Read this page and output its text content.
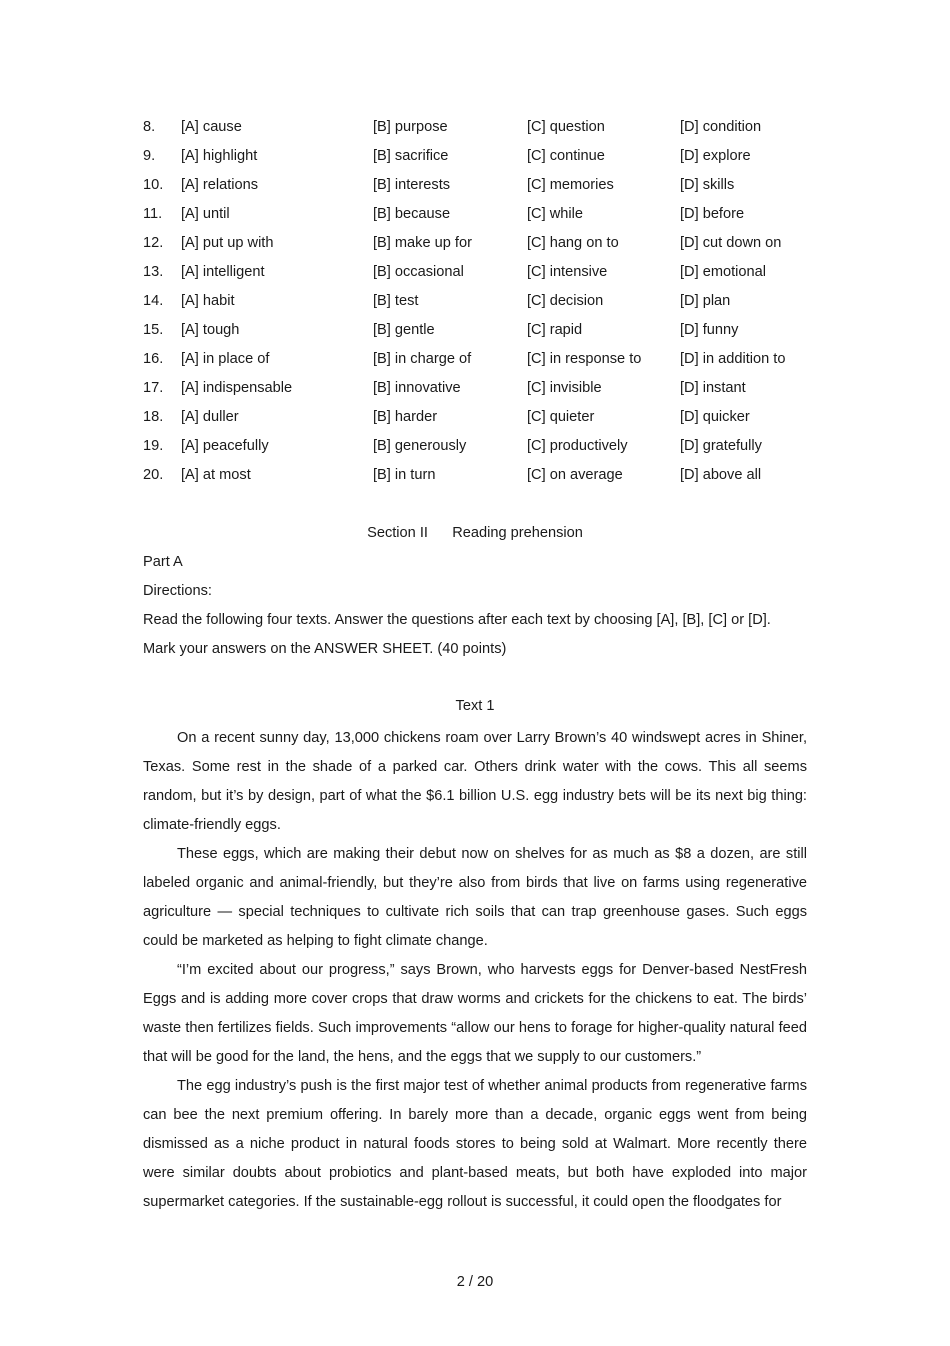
8. [A] cause	[B] purpose	[C] question	[D] condition
9. [A] highlight	[B] sacrifice	[C] continue	[D] explore
10. [A] relations	[B] interests	[C] memories	[D] skills
11. [A] until	[B] because	[C] while	[D] before
12. [A] put up with	[B] make up for	[C] hang on to	[D] cut down on
13. [A] intelligent	[B] occasional	[C] intensive	[D] emotional
14. [A] habit	[B] test	[C] decision	[D] plan
15. [A] tough	[B] gentle	[C] rapid	[D] funny
16. [A] in place of	[B] in charge of	[C] in response to	[D] in addition to
17. [A] indispensable	[B] innovative	[C] invisible	[D] instant
18. [A] duller	[B] harder	[C] quieter	[D] quicker
19. [A] peacefully	[B] generously	[C] productively	[D] gratefully
20. [A] at most	[B] in turn	[C] on average	[D] above all
Section II      Reading prehension
Part A
Directions:
Read the following four texts. Answer the questions after each text by choosing [A], [B], [C] or [D].
Mark your answers on the ANSWER SHEET. (40 points)
Text 1

On a recent sunny day, 13,000 chickens roam over Larry Brown’s 40 windswept acres in Shiner, Texas. Some rest in the shade of a parked car. Others drink water with the cows. This all seems random, but it’s by design, part of what the $6.1 billion U.S. egg industry bets will be its next big thing: climate-friendly eggs.

These eggs, which are making their debut now on shelves for as much as $8 a dozen, are still labeled organic and animal-friendly, but they’re also from birds that live on farms using regenerative agriculture — special techniques to cultivate rich soils that can trap greenhouse gases. Such eggs could be marketed as helping to fight climate change.

“I’m excited about our progress,” says Brown, who harvests eggs for Denver-based NestFresh Eggs and is adding more cover crops that draw worms and crickets for the chickens to eat. The birds’ waste then fertilizes fields. Such improvements “allow our hens to forage for higher-quality natural feed that will be good for the land, the hens, and the eggs that we supply to our customers.”

The egg industry’s push is the first major test of whether animal products from regenerative farms can bee the next premium offering. In barely more than a decade, organic eggs went from being dismissed as a niche product in natural foods stores to being sold at Walmart. More recently there were similar doubts about probiotics and plant-based meats, but both have exploded into major supermarket categories. If the sustainable-egg rollout is successful, it could open the floodgates for

2 / 20
